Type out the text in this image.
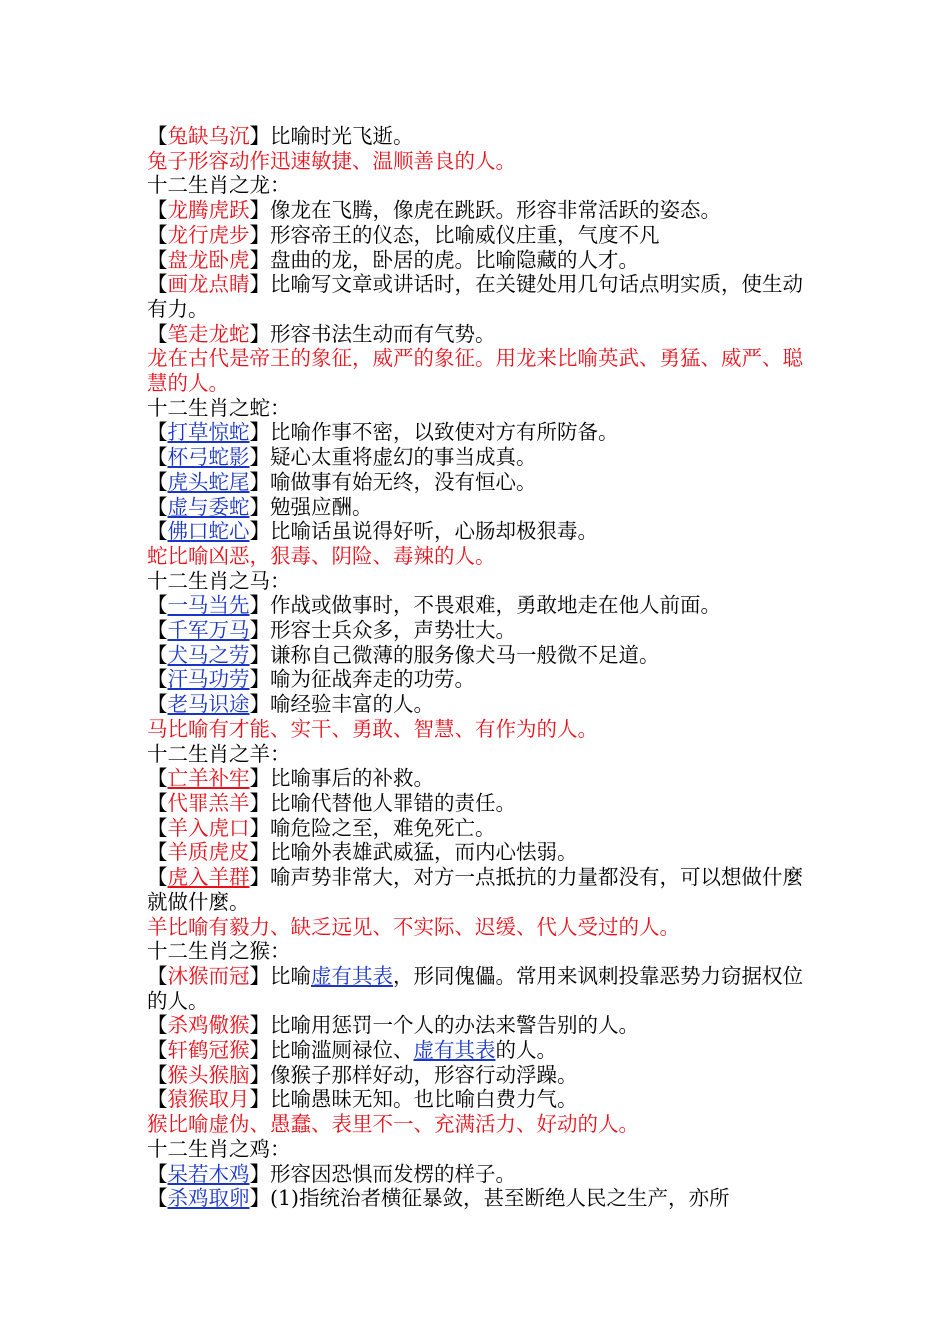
【兔缺乌沉】比喻时光飞逝。
兔子形容动作迅速敏捷、温顺善良的人。
十二生肖之龙：
【龙腾虎跃】像龙在飞腾，像虎在跳跃。形容非常活跃的姿态。
【龙行虎步】形容帝王的仪态，比喻威仪庄重，气度不凡
【盘龙卧虎】盘曲的龙，卧居的虎。比喻隐藏的人才。
【画龙点睛】比喻写文章或讲话时，在关键处用几句话点明实质，使生动有力。
【笔走龙蛇】形容书法生动而有气势。
龙在古代是帝王的象征，威严的象征。用龙来比喻英武、勇猛、威严、聪慧的人。
十二生肖之蛇：
【打草惊蛇】比喻作事不密，以致使对方有所防备。
【杯弓蛇影】疑心太重将虚幻的事当成真。
【虎头蛇尾】喻做事有始无终，没有恒心。
【虚与委蛇】勉强应酬。
【佛口蛇心】比喻话虽说得好听，心肠却极狠毒。
蛇比喻凶恶，狠毒、阴险、毒辣的人。
十二生肖之马：
【一马当先】作战或做事时，不畏艰难，勇敢地走在他人前面。
【千军万马】形容士兵众多，声势壮大。
【犬马之劳】谦称自己微薄的服务像犬马一般微不足道。
【汗马功劳】喻为征战奔走的功劳。
【老马识途】喻经验丰富的人。
马比喻有才能、实干、勇敢、智慧、有作为的人。
十二生肖之羊：
【亡羊补牢】比喻事后的补救。
【代罪羔羊】比喻代替他人罪错的责任。
【羊入虎口】喻危险之至，难免死亡。
【羊质虎皮】比喻外表雄武威猛，而内心怯弱。
【虎入羊群】喻声势非常大，对方一点抵抗的力量都没有，可以想做什麼就做什麼。
羊比喻有毅力、缺乏远见、不实际、迟缓、代人受过的人。
十二生肖之猴：
【沐猴而冠】比喻虚有其表，形同傀儡。常用来讽刺投靠恶势力窃据权位的人。
【杀鸡儆猴】比喻用惩罚一个人的办法来警告别的人。
【轩鹤冠猴】比喻滥厕禄位、虚有其表的人。
【猴头猴脑】像猴子那样好动，形容行动浮躁。
【猿猴取月】比喻愚昧无知。也比喻白费力气。
猴比喻虚伪、愚蠢、表里不一、充满活力、好动的人。
十二生肖之鸡：
【呆若木鸡】形容因恐惧而发楞的样子。
【杀鸡取卵】(1)指统治者横征暴敛，甚至断绝人民之生产，亦所
